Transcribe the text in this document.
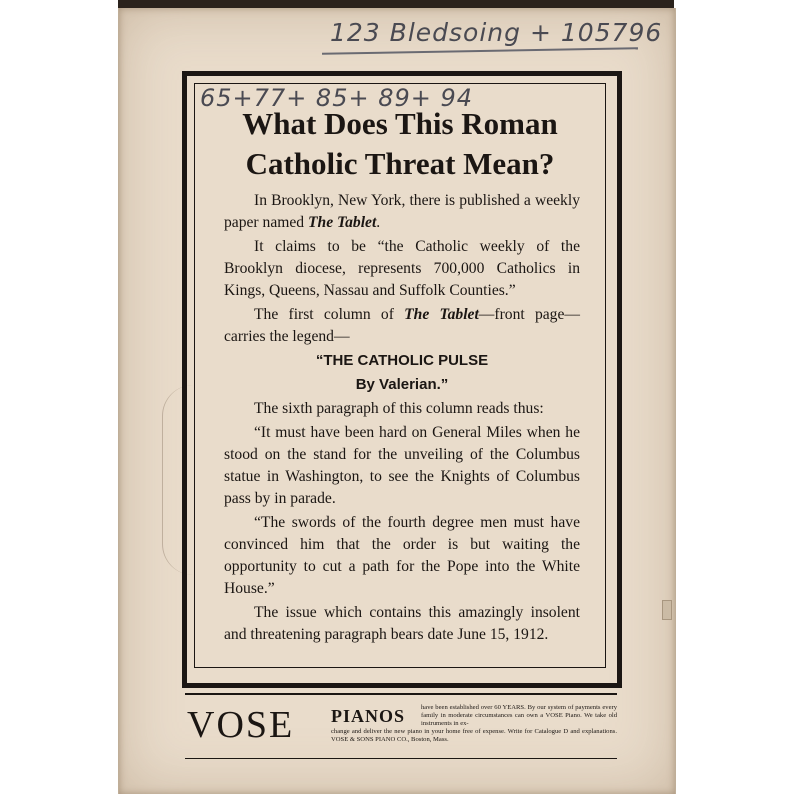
123 Bledsoing + 105796
65+77+ 85+ 89+ 94
What Does This Roman Catholic Threat Mean?

In Brooklyn, New York, there is published a weekly paper named The Tablet.

It claims to be “the Catholic weekly of the Brooklyn diocese, represents 700,000 Catholics in Kings, Queens, Nassau and Suffolk Counties.”

The first column of The Tablet—front page—carries the legend—

“THE CATHOLIC PULSE

By Valerian.”

The sixth paragraph of this column reads thus:

“It must have been hard on General Miles when he stood on the stand for the unveiling of the Columbus statue in Washington, to see the Knights of Columbus pass by in parade.

“The swords of the fourth degree men must have convinced him that the order is but waiting the opportunity to cut a path for the Pope into the White House.”

The issue which contains this amazingly insolent and threatening paragraph bears date June 15, 1912.

VOSE PIANOS have been established over 60 YEARS. By our system of payments every family in moderate circumstances can own a VOSE Piano. We take old instruments in ex-
change and deliver the new piano in your home free of expense. Write for Catalogue D and explanations. VOSE & SONS PIANO CO., Boston, Mass.
